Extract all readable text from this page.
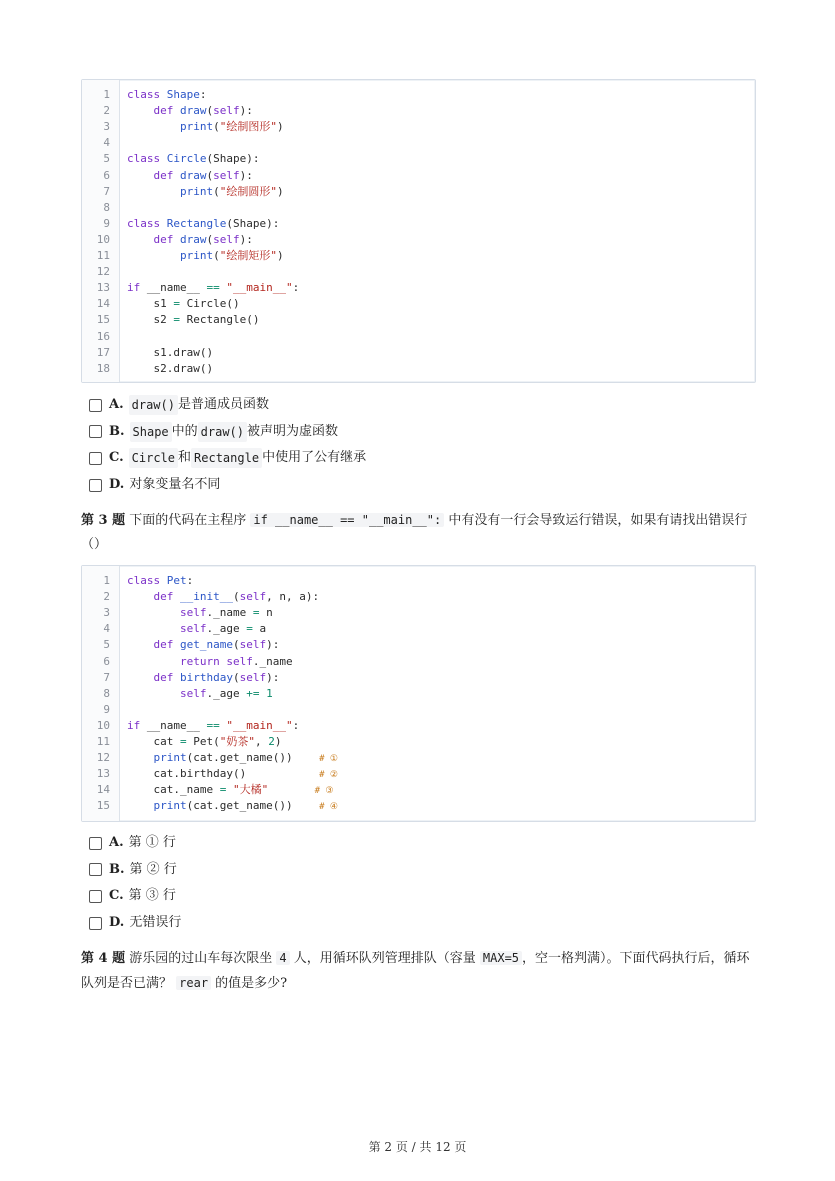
1 class Shape:
2 def draw(self):
3 print("绘制图形")
4
5 class Circle(Shape):
6 def draw(self):
7 print("绘制圆形")
8
9 class Rectangle(Shape):
10 def draw(self):
11 print("绘制矩形")
12
13 if __name__ == "__main__":
14 s1 = Circle()
15 s2 = Rectangle()
16
17 s1.draw()
18 s2.draw()
A. draw() 是普通成员函数
B. Shape 中的 draw() 被声明为虚函数
C. Circle 和 Rectangle 中使用了公有继承
D. 对象变量名不同
第 3 题 下面的代码在主程序 if __name__ == "__main__": 中有没有一行会导致运行错误，如果有请找出错误行（）
1 class Pet:
2 def __init__(self, n, a):
3	self._name = n
4	self._age = a
5 def get_name(self):
6 return self._name
7 def birthday(self):
8	self._age += 1
9
10 if __name__ == "__main__":
11 cat = Pet("奶茶", 2)
12 print(cat.get_name())    # ①
13 cat.birthday()           # ②
14 cat._name = "大橘"	# ③
15 print(cat.get_name())    # ④
A. 第 ① 行
B. 第 ② 行
C. 第 ③ 行
D. 无错误行
第 4 题 游乐园的过山车每次限坐 4 人，用循环队列管理排队（容量 MAX=5 ，空一格判满）。下面代码执行后，循环队列是否已满？ rear 的值是多少?
第 2 页 / 共 12 页
